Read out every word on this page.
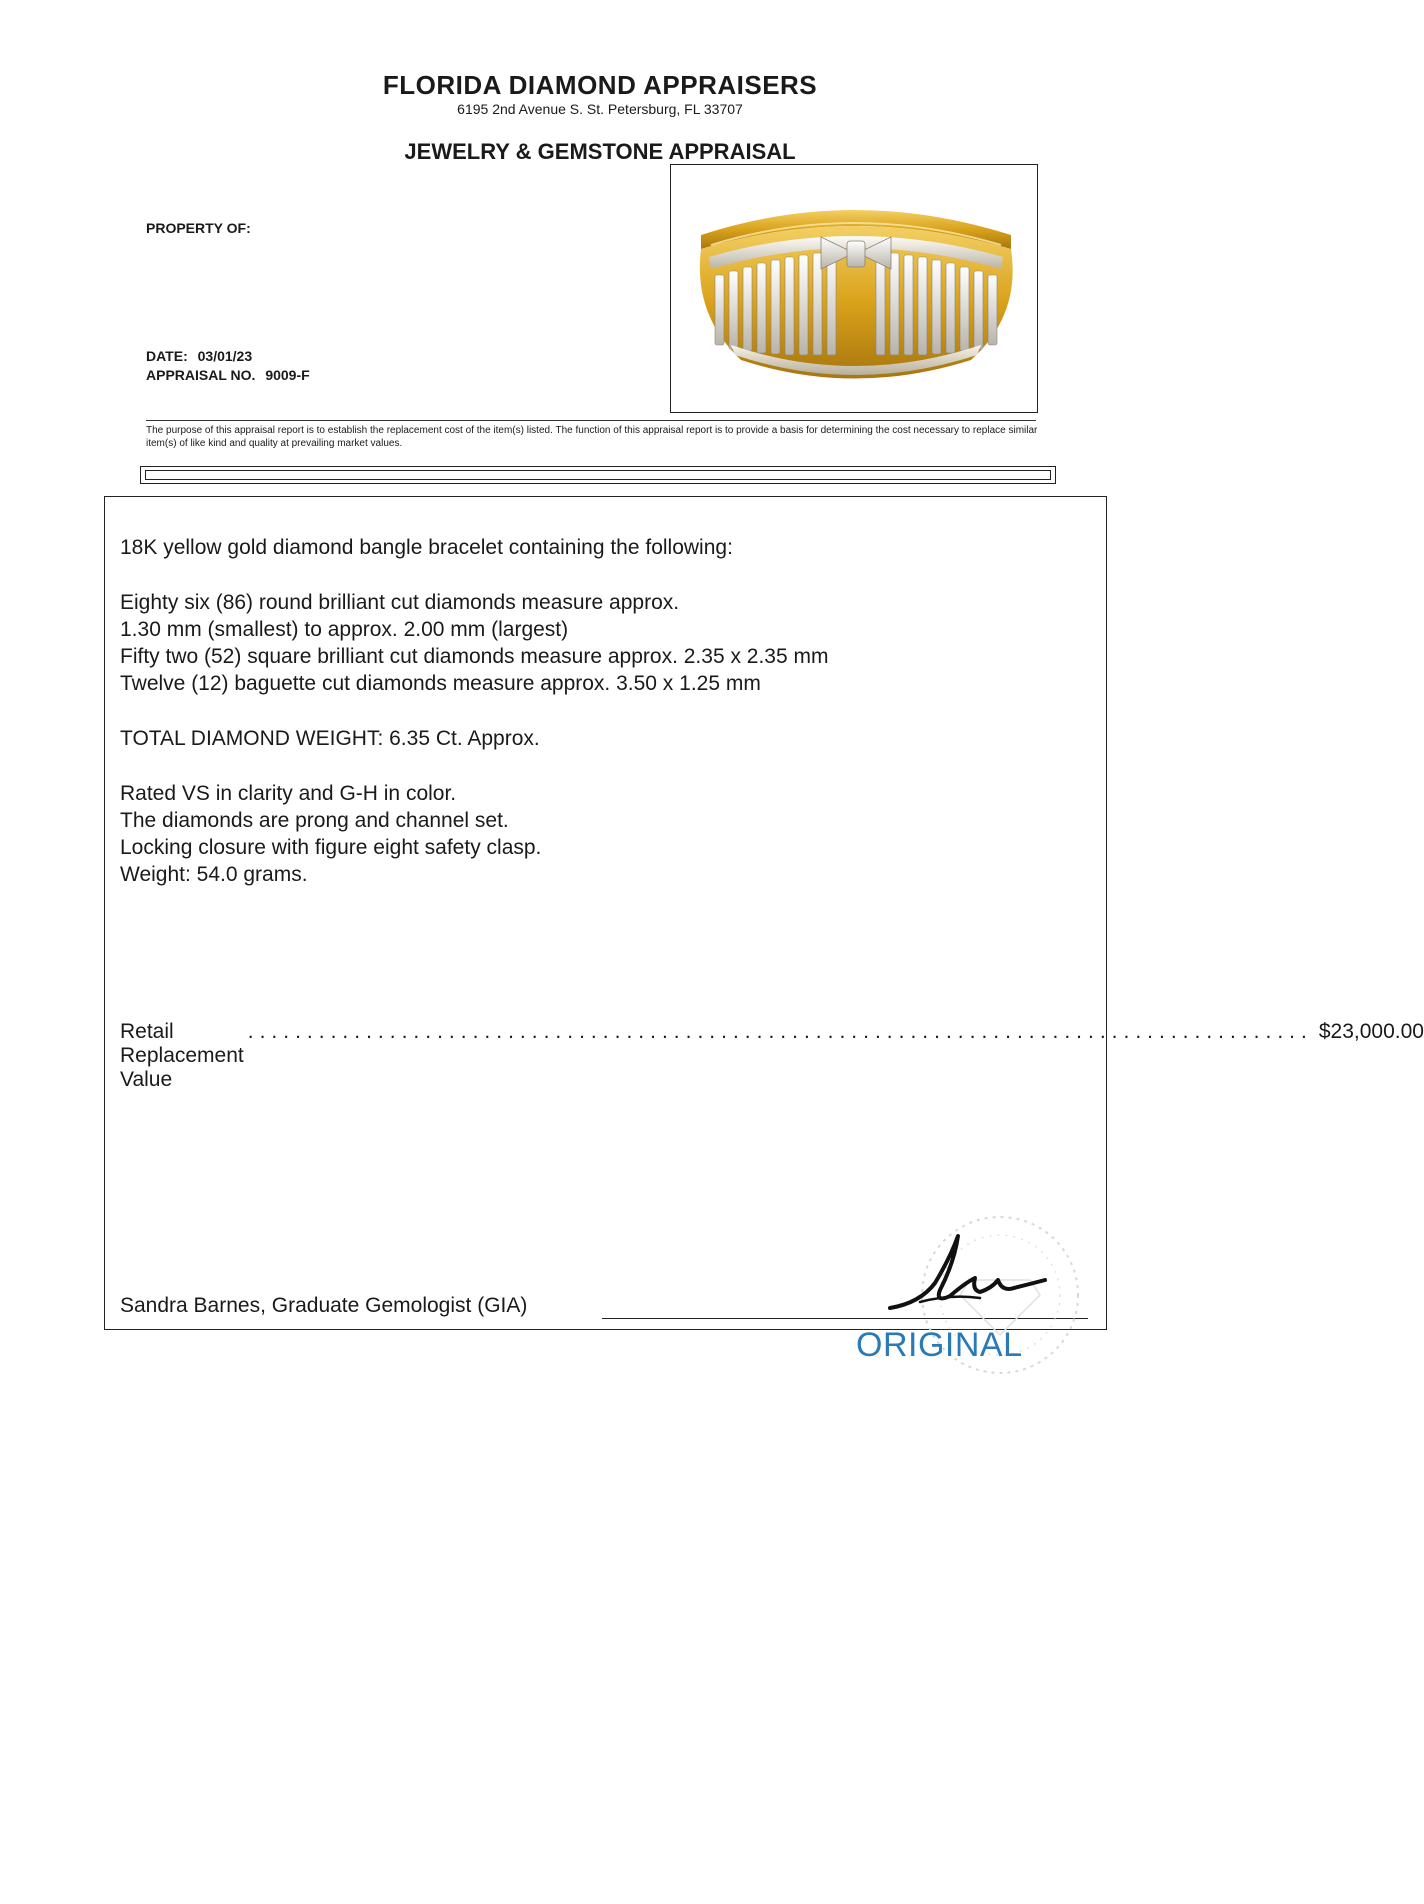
FLORIDA DIAMOND APPRAISERS
6195 2nd Avenue S. St. Petersburg, FL 33707
JEWELRY & GEMSTONE APPRAISAL
PROPERTY OF:
DATE: 03/01/23
APPRAISAL NO. 9009-F
The purpose of this appraisal report is to establish the replacement cost of the item(s) listed. The function of this appraisal report is to provide a basis for determining the cost necessary to replace similar item(s) of like kind and quality at prevailing market values.
18K yellow gold diamond bangle bracelet containing the following:
Eighty six (86) round brilliant cut diamonds measure approx.
1.30 mm (smallest) to approx. 2.00 mm (largest)
Fifty two (52) square brilliant cut diamonds measure approx. 2.35 x 2.35 mm
Twelve (12) baguette cut diamonds measure approx. 3.50 x 1.25 mm
TOTAL DIAMOND WEIGHT: 6.35 Ct. Approx.
Rated VS in clarity and G-H in color.
The diamonds are prong and channel set.
Locking closure with figure eight safety clasp.
Weight: 54.0 grams.
Retail Replacement Value
.......................................................................................... $23,000.00
Sandra Barnes, Graduate Gemologist (GIA)
ORIGINAL
